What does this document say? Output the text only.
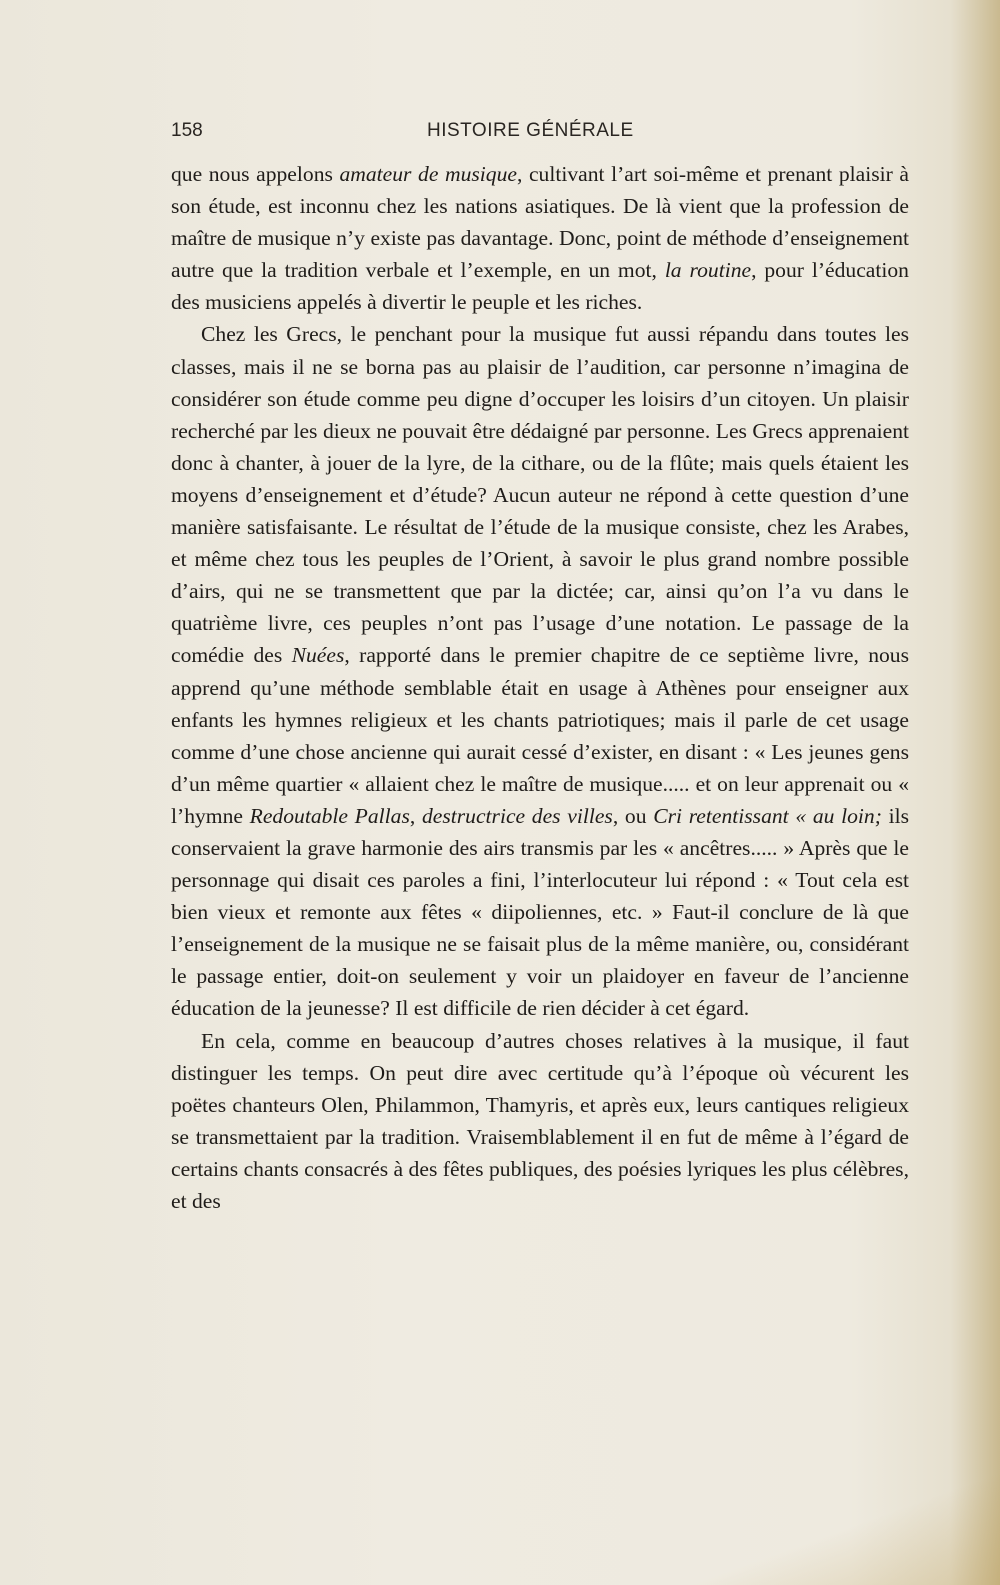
158	HISTOIRE GÉNÉRALE

que nous appelons amateur de musique, cultivant l’art soi-même et prenant plaisir à son étude, est inconnu chez les nations asiatiques. De là vient que la profession de maître de musique n’y existe pas davantage. Donc, point de méthode d’enseignement autre que la tradition verbale et l’exemple, en un mot, la routine, pour l’éducation des musiciens appelés à divertir le peuple et les riches.

Chez les Grecs, le penchant pour la musique fut aussi répandu dans toutes les classes, mais il ne se borna pas au plaisir de l’audition, car personne n’imagina de considérer son étude comme peu digne d’occuper les loisirs d’un citoyen. Un plaisir recherché par les dieux ne pouvait être dédaigné par personne. Les Grecs apprenaient donc à chanter, à jouer de la lyre, de la cithare, ou de la flûte; mais quels étaient les moyens d’enseignement et d’étude? Aucun auteur ne répond à cette question d’une manière satisfaisante. Le résultat de l’étude de la musique consiste, chez les Arabes, et même chez tous les peuples de l’Orient, à savoir le plus grand nombre possible d’airs, qui ne se transmettent que par la dictée; car, ainsi qu’on l’a vu dans le quatrième livre, ces peuples n’ont pas l’usage d’une notation. Le passage de la comédie des Nuées, rapporté dans le premier chapitre de ce septième livre, nous apprend qu’une méthode semblable était en usage à Athènes pour enseigner aux enfants les hymnes religieux et les chants patriotiques; mais il parle de cet usage comme d’une chose ancienne qui aurait cessé d’exister, en disant : « Les jeunes gens d’un même quartier « allaient chez le maître de musique..... et on leur apprenait ou « l’hymne Redoutable Pallas, destructrice des villes, ou Cri retentissant « au loin; ils conservaient la grave harmonie des airs transmis par les « ancêtres..... » Après que le personnage qui disait ces paroles a fini, l’interlocuteur lui répond : « Tout cela est bien vieux et remonte aux fêtes « diipoliennes, etc. » Faut-il conclure de là que l’enseignement de la musique ne se faisait plus de la même manière, ou, considérant le passage entier, doit-on seulement y voir un plaidoyer en faveur de l’ancienne éducation de la jeunesse? Il est difficile de rien décider à cet égard.

En cela, comme en beaucoup d’autres choses relatives à la musique, il faut distinguer les temps. On peut dire avec certitude qu’à l’époque où vécurent les poëtes chanteurs Olen, Philammon, Thamyris, et après eux, leurs cantiques religieux se transmettaient par la tradition. Vraisemblablement il en fut de même à l’égard de certains chants consacrés à des fêtes publiques, des poésies lyriques les plus célèbres, et des
